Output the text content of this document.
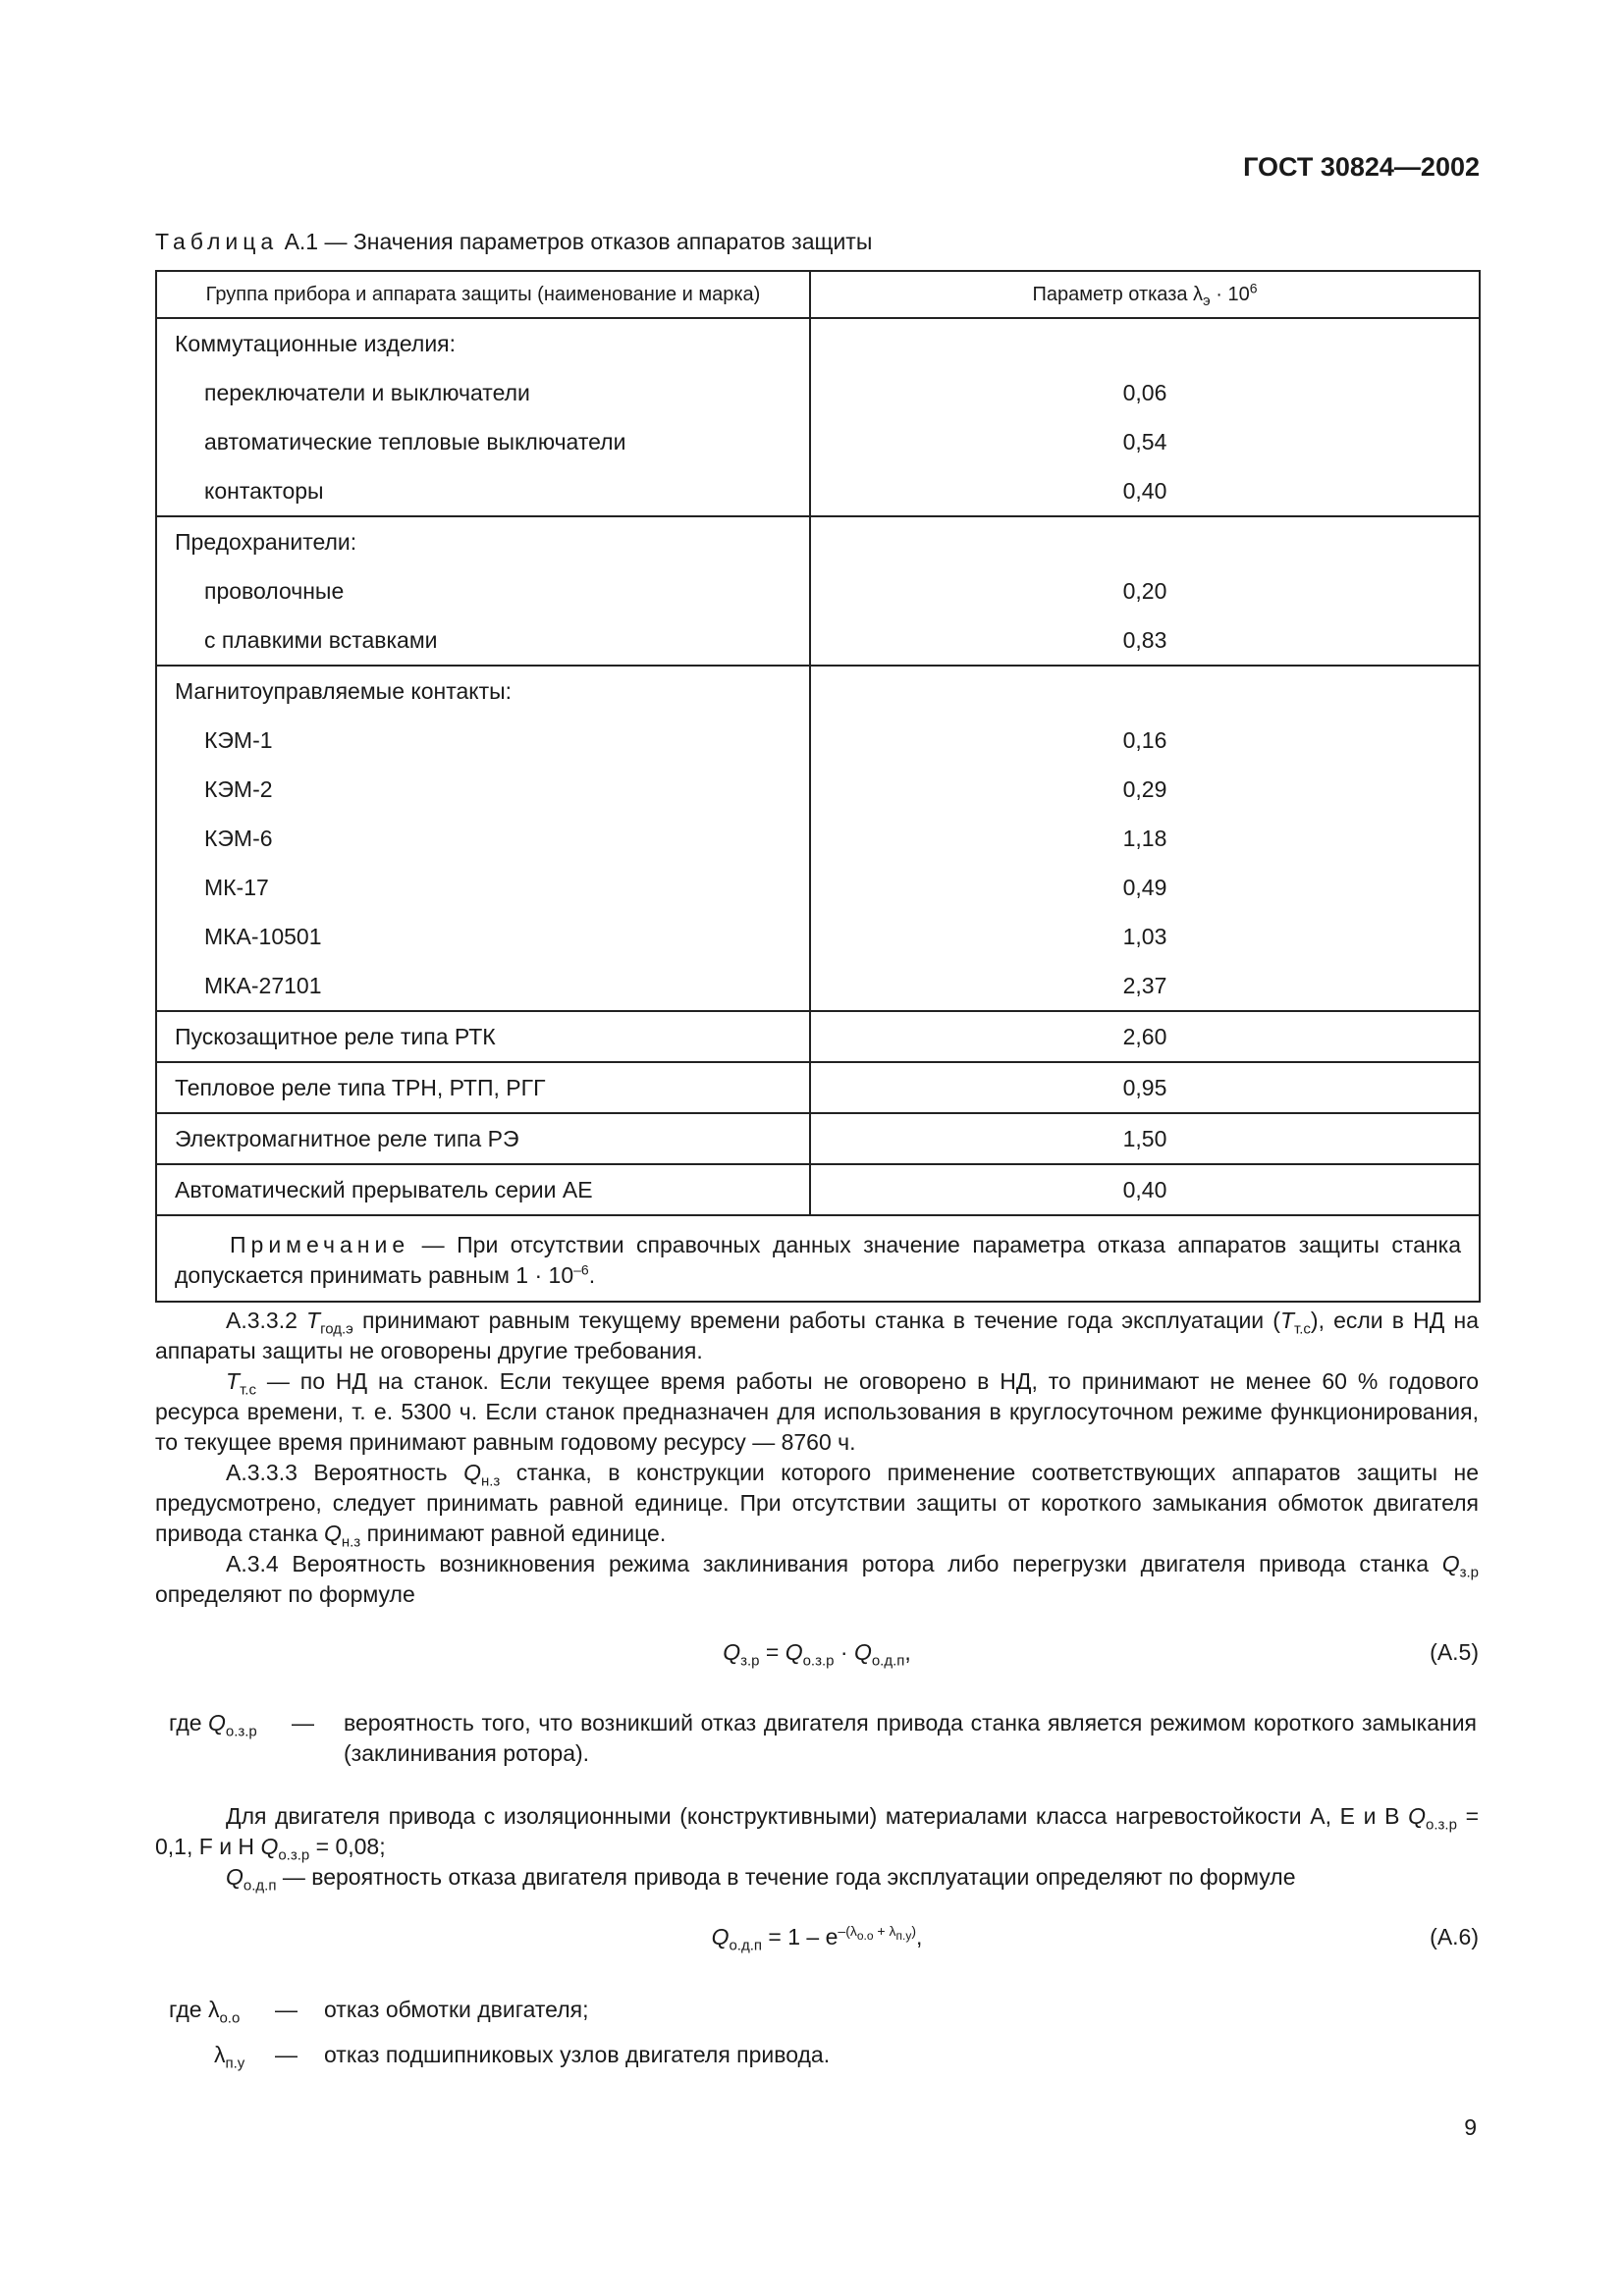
ГОСТ 30824—2002
Таблица А.1 — Значения параметров отказов аппаратов защиты
Группа прибора и аппарата защиты (наименование и марка)	Параметр отказа $\lambda_э \cdot 10^6$
Коммутационные изделия:	
переключатели и выключатели	0,06
автоматические тепловые выключатели	0,54
контакторы	0,40
Предохранители:	
проволочные	0,20
с плавкими вставками	0,83
Магнитоуправляемые контакты:	
КЭМ-1	0,16
КЭМ-2	0,29
КЭМ-6	1,18
МК-17	0,49
МКА-10501	1,03
МКА-27101	2,37
Пускозащитное реле типа РТК	2,60
Тепловое реле типа ТРН, РТП, РГГ	0,95
Электромагнитное реле типа РЭ	1,50
Автоматический прерыватель серии АЕ	0,40
Примечание — При отсутствии справочных данных значение параметра отказа аппаратов защиты станка допускается принимать равным $1 \cdot 10^{-6}$.	

А.3.3.2 $T_{год.э}$ принимают равным текущему времени работы станка в течение года эксплуатации $(T_{т.с})$, если в НД на аппараты защиты не оговорены другие требования.

$T_{т.с}$ — по НД на станок. Если текущее время работы не оговорено в НД, то принимают не менее 60 % годового ресурса времени, т. е. 5300 ч. Если станок предназначен для использования в круглосуточном режиме функционирования, то текущее время принимают равным годовому ресурсу — 8760 ч.

А.3.3.3 Вероятность $Q_{н.з}$ станка, в конструкции которого применение соответствующих аппаратов защиты не предусмотрено, следует принимать равной единице. При отсутствии защиты от короткого замыкания обмоток двигателя привода станка $Q_{н.з}$ принимают равной единице.

А.3.4 Вероятность возникновения режима заклинивания ротора либо перегрузки двигателя привода станка $Q_{з.р}$ определяют по формуле

$Q_{з.р} = Q_{о.з.р} \cdot Q_{о.д.п}$,	(А.5)
где $Q_{о.з.р}$ — вероятность того, что возникший отказ двигателя привода станка является режимом короткого замыкания (заклинивания ротора).

Для двигателя привода с изоляционными (конструктивными) материалами класса нагревостойкости А, Е и В $Q_{о.з.р} = 0,1$, F и H $Q_{о.з.р} = 0,08$;

$Q_{о.д.п}$ — вероятность отказа двигателя привода в течение года эксплуатации определяют по формуле

$Q_{о.д.п} = 1 - e^{-(\lambda_{о.о} + \lambda_{п.у})}$,	(А.6)
где $\lambda_{о.о}$ — отказ обмотки двигателя;
$\lambda_{п.у}$ — отказ подшипниковых узлов двигателя привода.
9
